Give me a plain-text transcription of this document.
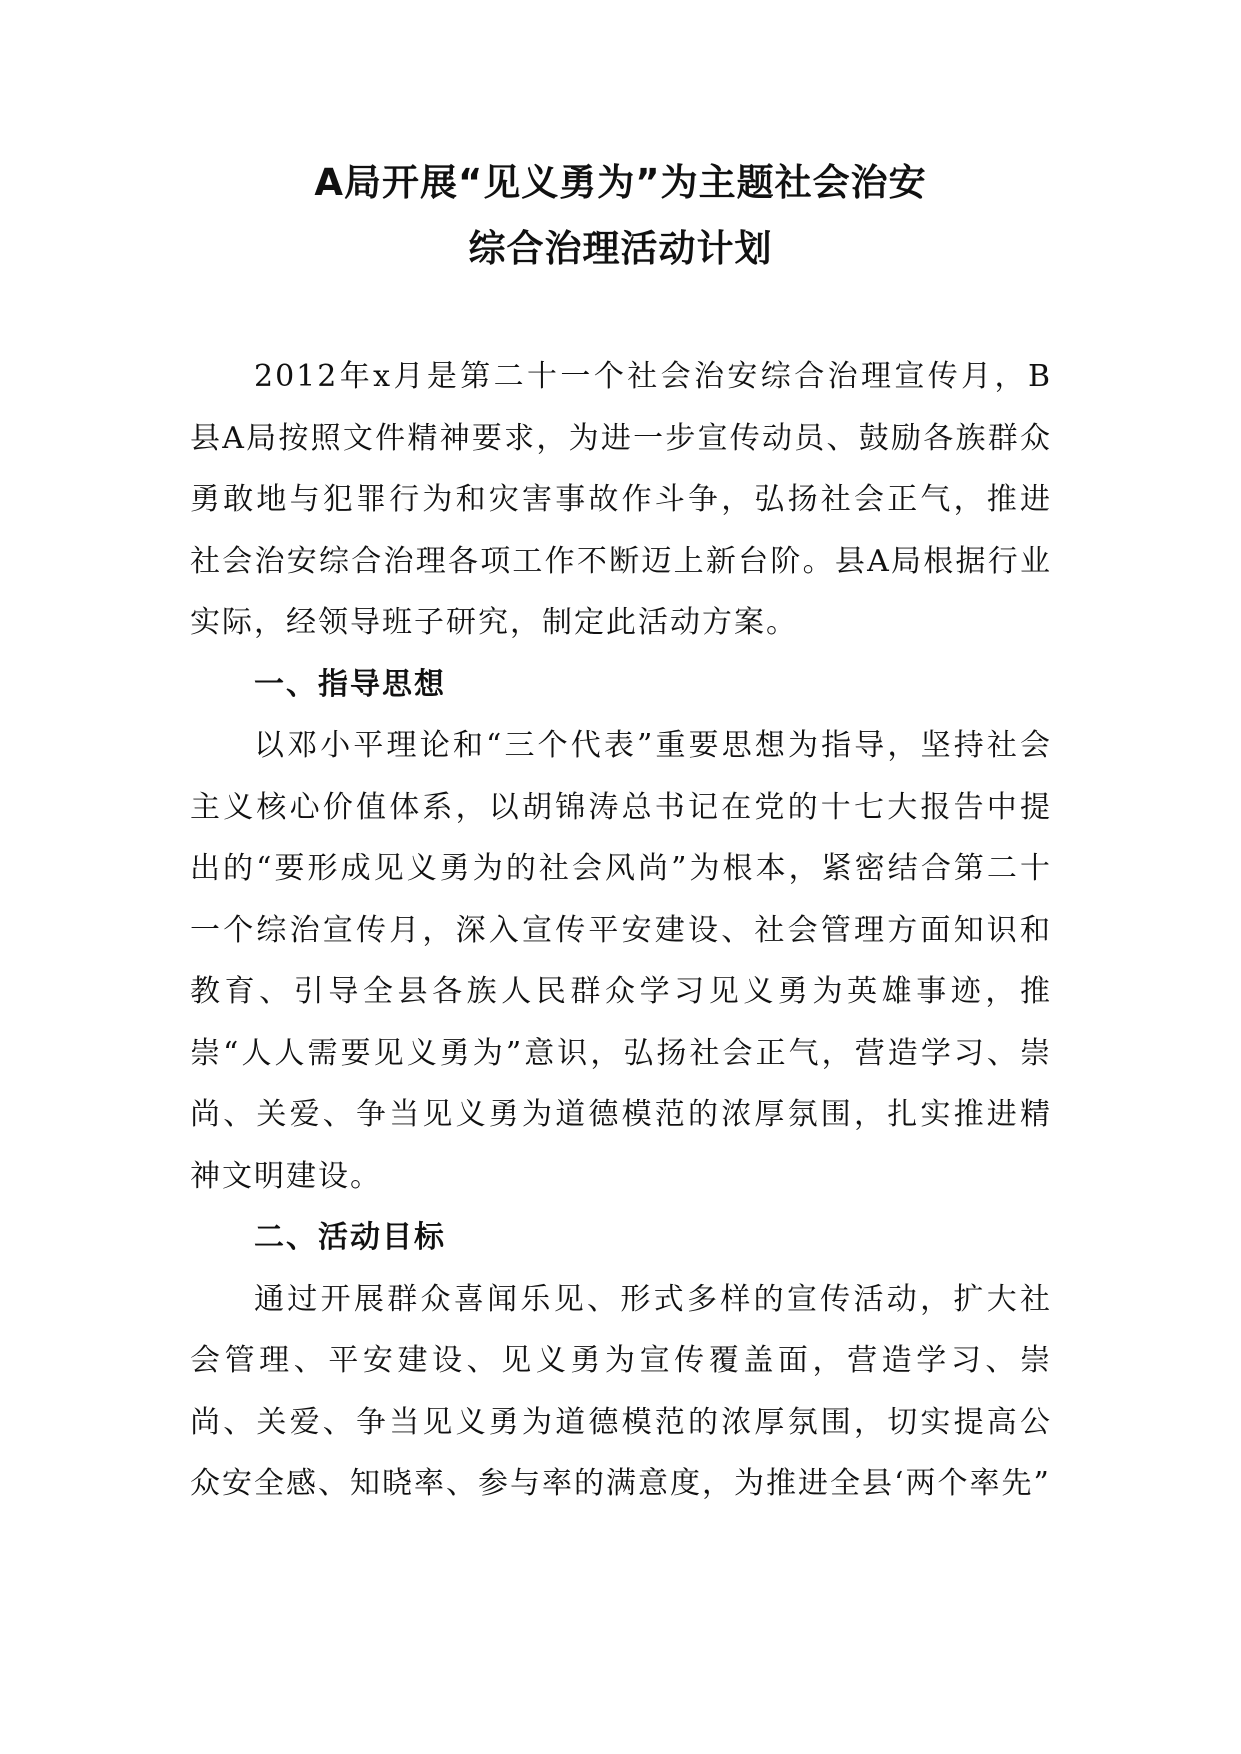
A局开展“见义勇为”为主题社会治安
综合治理活动计划

2012年x月是第二十一个社会治安综合治理宣传月，B县A局按照文件精神要求，为进一步宣传动员、鼓励各族群众勇敢地与犯罪行为和灾害事故作斗争，弘扬社会正气，推进社会治安综合治理各项工作不断迈上新台阶。县A局根据行业实际，经领导班子研究，制定此活动方案。

一、指导思想

以邓小平理论和“三个代表”重要思想为指导，坚持社会主义核心价值体系，以胡锦涛总书记在党的十七大报告中提出的“要形成见义勇为的社会风尚”为根本，紧密结合第二十一个综治宣传月，深入宣传平安建设、社会管理方面知识和教育、引导全县各族人民群众学习见义勇为英雄事迹，推崇“人人需要见义勇为”意识，弘扬社会正气，营造学习、崇尚、关爱、争当见义勇为道德模范的浓厚氛围，扎实推进精神文明建设。

二、活动目标

通过开展群众喜闻乐见、形式多样的宣传活动，扩大社会管理、平安建设、见义勇为宣传覆盖面，营造学习、崇尚、关爱、争当见义勇为道德模范的浓厚氛围，切实提高公众安全感、知晓率、参与率的满意度，为推进全县‘两个率先”
